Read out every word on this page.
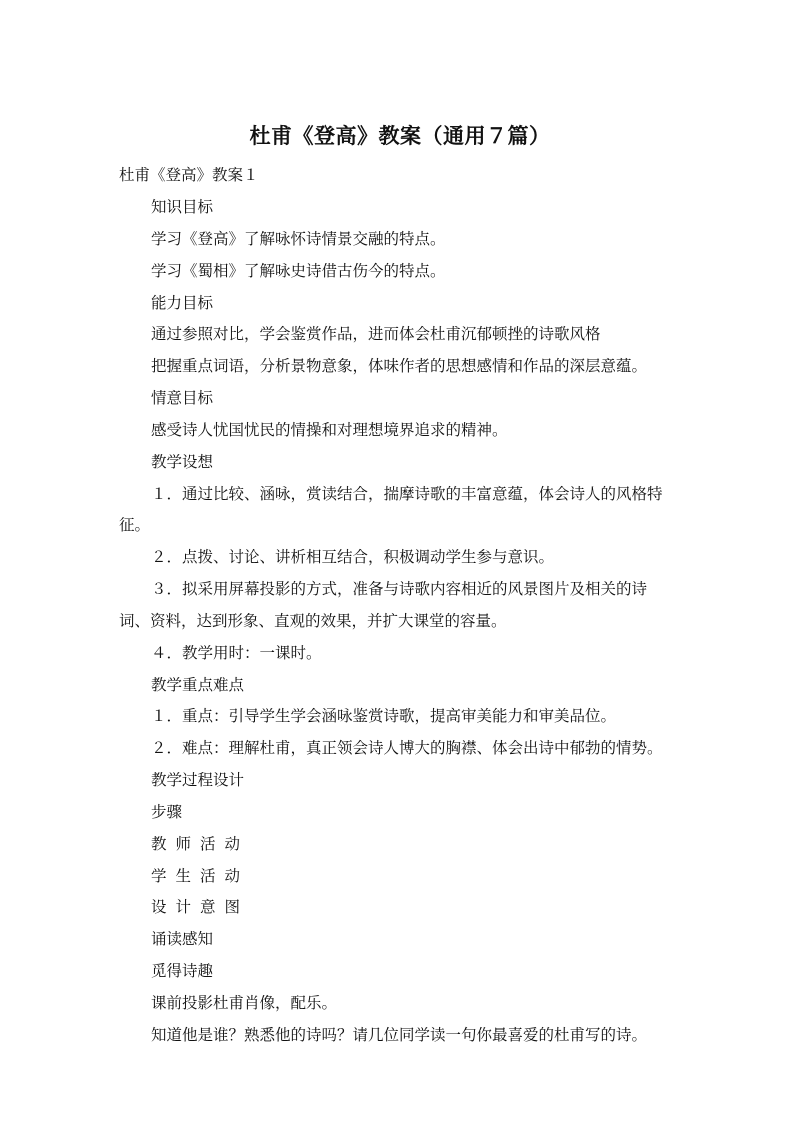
杜甫《登高》教案（通用７篇）
杜甫《登高》教案１
知识目标
学习《登高》了解咏怀诗情景交融的特点。
学习《蜀相》了解咏史诗借古伤今的特点。
能力目标
通过参照对比，学会鉴赏作品，进而体会杜甫沉郁顿挫的诗歌风格
把握重点词语，分析景物意象，体味作者的思想感情和作品的深层意蕴。
情意目标
感受诗人忧国忧民的情操和对理想境界追求的精神。
教学设想
１．通过比较、涵咏，赏读结合，揣摩诗歌的丰富意蕴，体会诗人的风格特
征。
２．点拨、讨论、讲析相互结合，积极调动学生参与意识。
３．拟采用屏幕投影的方式，准备与诗歌内容相近的风景图片及相关的诗
词、资料，达到形象、直观的效果，并扩大课堂的容量。
４．教学用时：一课时。
教学重点难点
１．重点：引导学生学会涵咏鉴赏诗歌，提高审美能力和审美品位。
２．难点：理解杜甫，真正领会诗人博大的胸襟、体会出诗中郁勃的情势。
教学过程设计
步骤
教师活动
学生活动
设计意图
诵读感知
觅得诗趣
课前投影杜甫肖像，配乐。
知道他是谁？熟悉他的诗吗？请几位同学读一句你最喜爱的杜甫写的诗。
